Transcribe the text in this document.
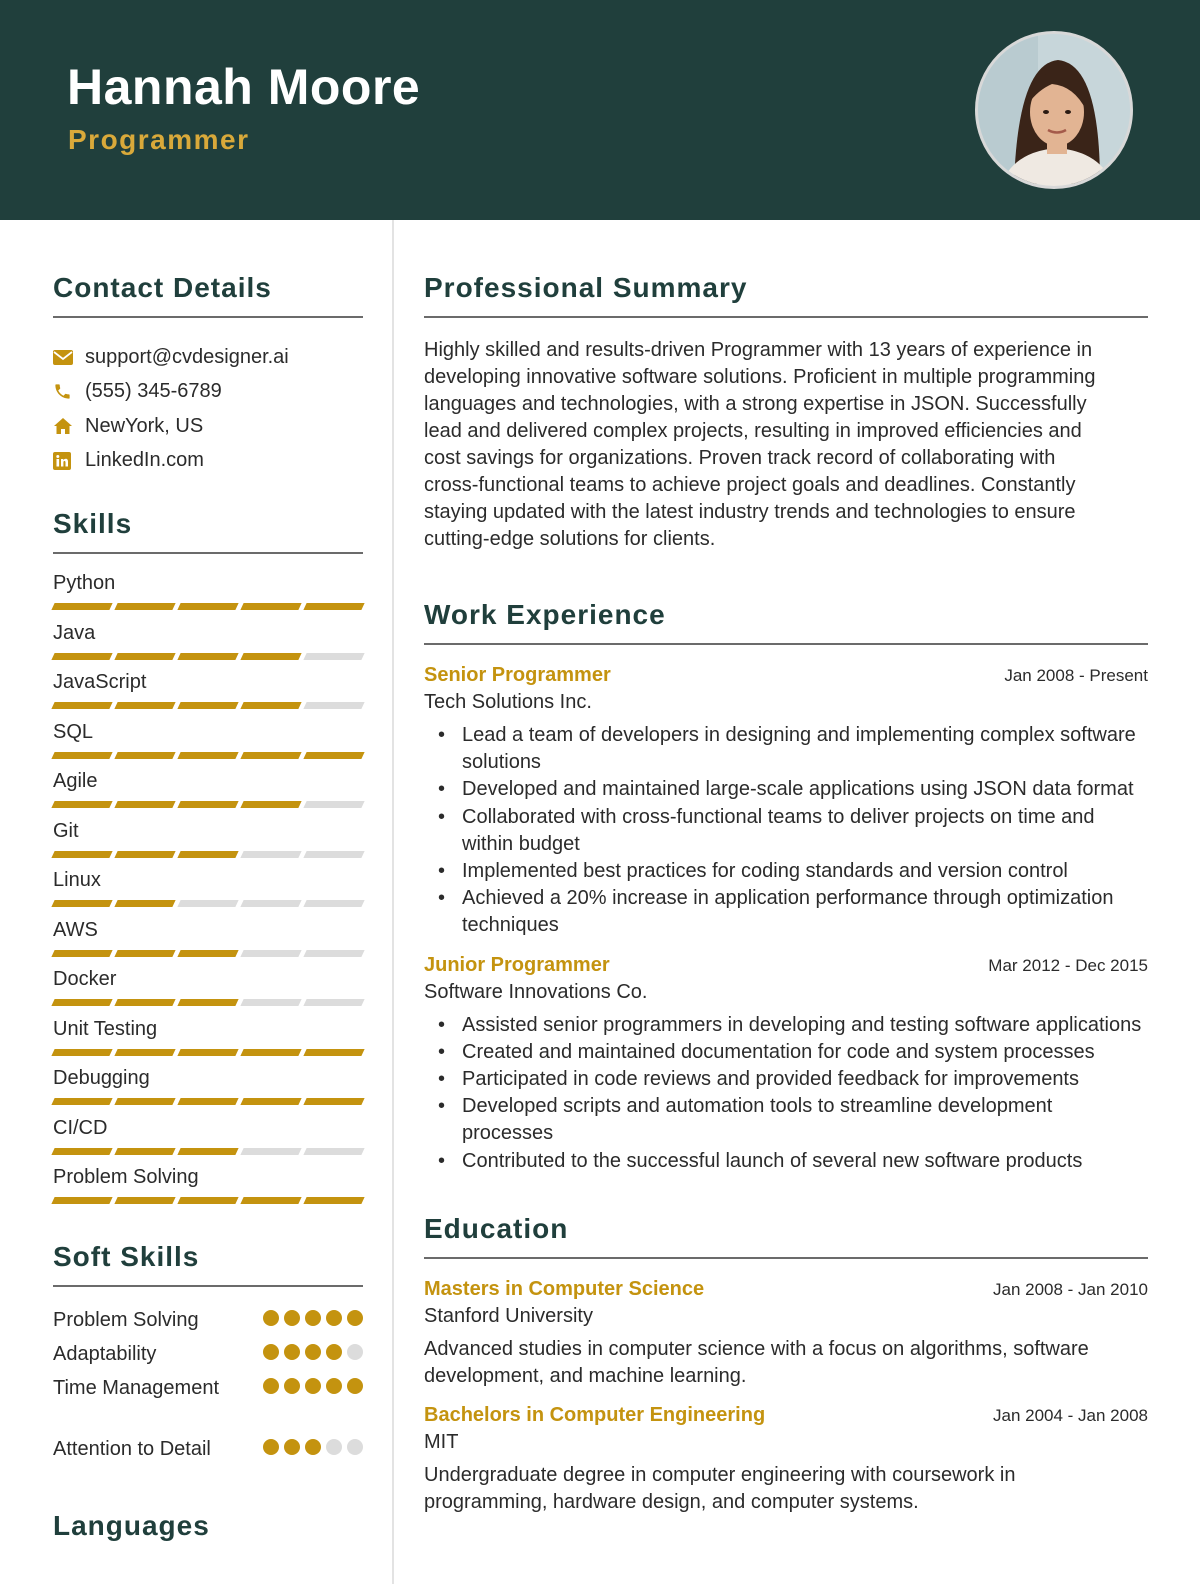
Hannah Moore
Programmer
Contact Details
support@cvdesigner.ai
(555) 345-6789
NewYork, US
LinkedIn.com
Skills
Python
Java
JavaScript
SQL
Agile
Git
Linux
AWS
Docker
Unit Testing
Debugging
CI/CD
Problem Solving
Soft Skills
Problem Solving
Adaptability
Time Management
Attention to Detail
Languages
Professional Summary
Highly skilled and results-driven Programmer with 13 years of experience in
developing innovative software solutions. Proficient in multiple programming
languages and technologies, with a strong expertise in JSON. Successfully
lead and delivered complex projects, resulting in improved efficiencies and
cost savings for organizations. Proven track record of collaborating with
cross-functional teams to achieve project goals and deadlines. Constantly
staying updated with the latest industry trends and technologies to ensure
cutting-edge solutions for clients.
Work Experience
Senior Programmer	Jan 2008 - Present
Tech Solutions Inc.
• Lead a team of developers in designing and implementing complex software solutions
• Developed and maintained large-scale applications using JSON data format
• Collaborated with cross-functional teams to deliver projects on time and within budget
• Implemented best practices for coding standards and version control
• Achieved a 20% increase in application performance through optimization techniques
Junior Programmer	Mar 2012 - Dec 2015
Software Innovations Co.
• Assisted senior programmers in developing and testing software applications
• Created and maintained documentation for code and system processes
• Participated in code reviews and provided feedback for improvements
• Developed scripts and automation tools to streamline development processes
• Contributed to the successful launch of several new software products
Education
Masters in Computer Science	Jan 2008 - Jan 2010
Stanford University
Advanced studies in computer science with a focus on algorithms, software
development, and machine learning.
Bachelors in Computer Engineering	Jan 2004 - Jan 2008
MIT
Undergraduate degree in computer engineering with coursework in
programming, hardware design, and computer systems.
